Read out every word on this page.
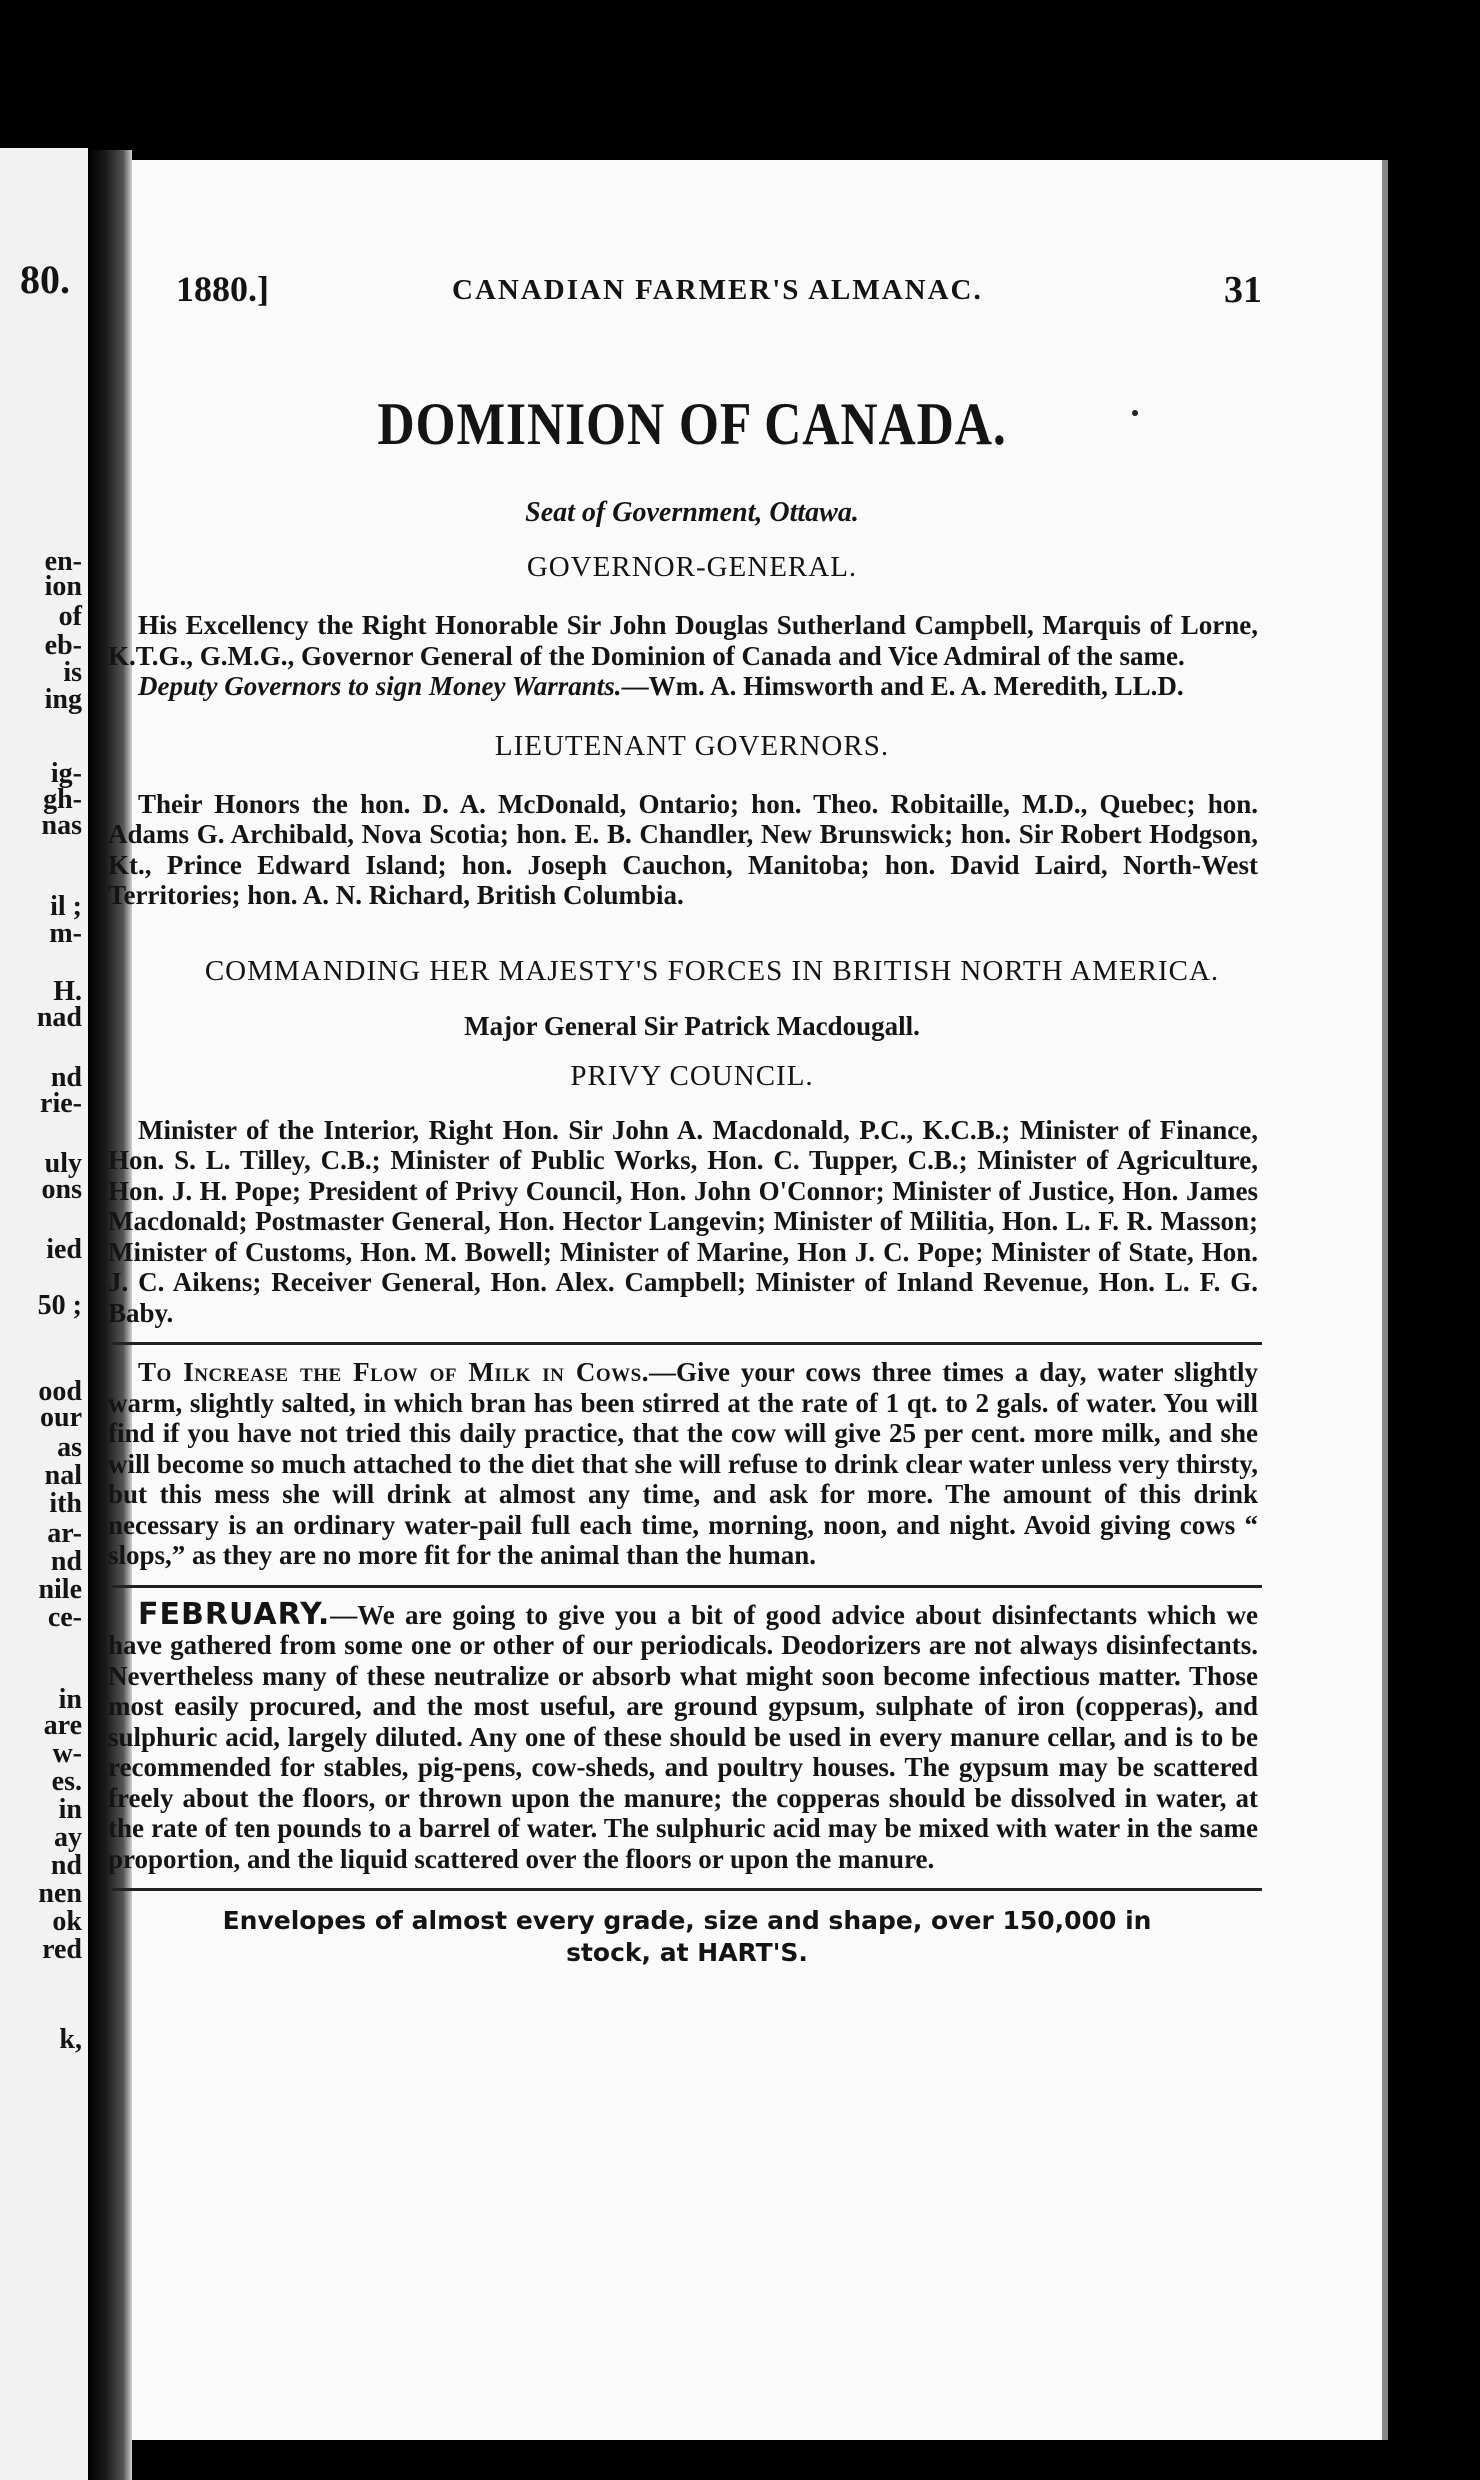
80.
en-
ion
of
eb-
is
ing
ig-
gh-
nas
il ;
m-
H.
nad
nd
rie-
uly
ons
ied
50 ;
ood
our
as
nal
ith
ar-
nd
nile
ce-
in
are
w-
es.
in
ay
nd
nen
ok
red
k,
1880.]	CANADIAN FARMER'S ALMANAC.	31
DOMINION OF CANADA.
Seat of Government, Ottawa.
GOVERNOR-GENERAL.
His Excellency the Right Honorable Sir John Douglas Sutherland Campbell, Marquis of Lorne, K.T.G., G.M.G., Governor General of the Dominion of Canada and Vice Admiral of the same.
Deputy Governors to sign Money Warrants.—Wm. A. Himsworth and E. A. Meredith, LL.D.
LIEUTENANT GOVERNORS.
Their Honors the hon. D. A. McDonald, Ontario; hon. Theo. Robitaille, M.D., Quebec; hon. Adams G. Archibald, Nova Scotia; hon. E. B. Chandler, New Brunswick; hon. Sir Robert Hodgson, Kt., Prince Edward Island; hon. Joseph Cauchon, Manitoba; hon. David Laird, North-West Territories; hon. A. N. Richard, British Columbia.
COMMANDING HER MAJESTY'S FORCES IN BRITISH NORTH AMERICA.
Major General Sir Patrick Macdougall.
PRIVY COUNCIL.
Minister of the Interior, Right Hon. Sir John A. Macdonald, P.C., K.C.B.; Minister of Finance, Hon. S. L. Tilley, C.B.; Minister of Public Works, Hon. C. Tupper, C.B.; Minister of Agriculture, Hon. J. H. Pope; President of Privy Council, Hon. John O'Connor; Minister of Justice, Hon. James Macdonald; Postmaster General, Hon. Hector Langevin; Minister of Militia, Hon. L. F. R. Masson; Minister of Customs, Hon. M. Bowell; Minister of Marine, Hon J. C. Pope; Minister of State, Hon. J. C. Aikens; Receiver General, Hon. Alex. Campbell; Minister of Inland Revenue, Hon. L. F. G. Baby.
To Increase the Flow of Milk in Cows.—Give your cows three times a day, water slightly warm, slightly salted, in which bran has been stirred at the rate of 1 qt. to 2 gals. of water. You will find if you have not tried this daily practice, that the cow will give 25 per cent. more milk, and she will become so much attached to the diet that she will refuse to drink clear water unless very thirsty, but this mess she will drink at almost any time, and ask for more. The amount of this drink necessary is an ordinary water-pail full each time, morning, noon, and night. Avoid giving cows “ slops,” as they are no more fit for the animal than the human.
FEBRUARY.—We are going to give you a bit of good advice about disinfectants which we have gathered from some one or other of our periodicals. Deodorizers are not always disinfectants. Nevertheless many of these neutralize or absorb what might soon become infectious matter. Those most easily procured, and the most useful, are ground gypsum, sulphate of iron (copperas), and sulphuric acid, largely diluted. Any one of these should be used in every manure cellar, and is to be recommended for stables, pig-pens, cow-sheds, and poultry houses. The gypsum may be scattered freely about the floors, or thrown upon the manure; the copperas should be dissolved in water, at the rate of ten pounds to a barrel of water. The sulphuric acid may be mixed with water in the same proportion, and the liquid scattered over the floors or upon the manure.
Envelopes of almost every grade, size and shape, over 150,000 in
stock, at HART'S.
